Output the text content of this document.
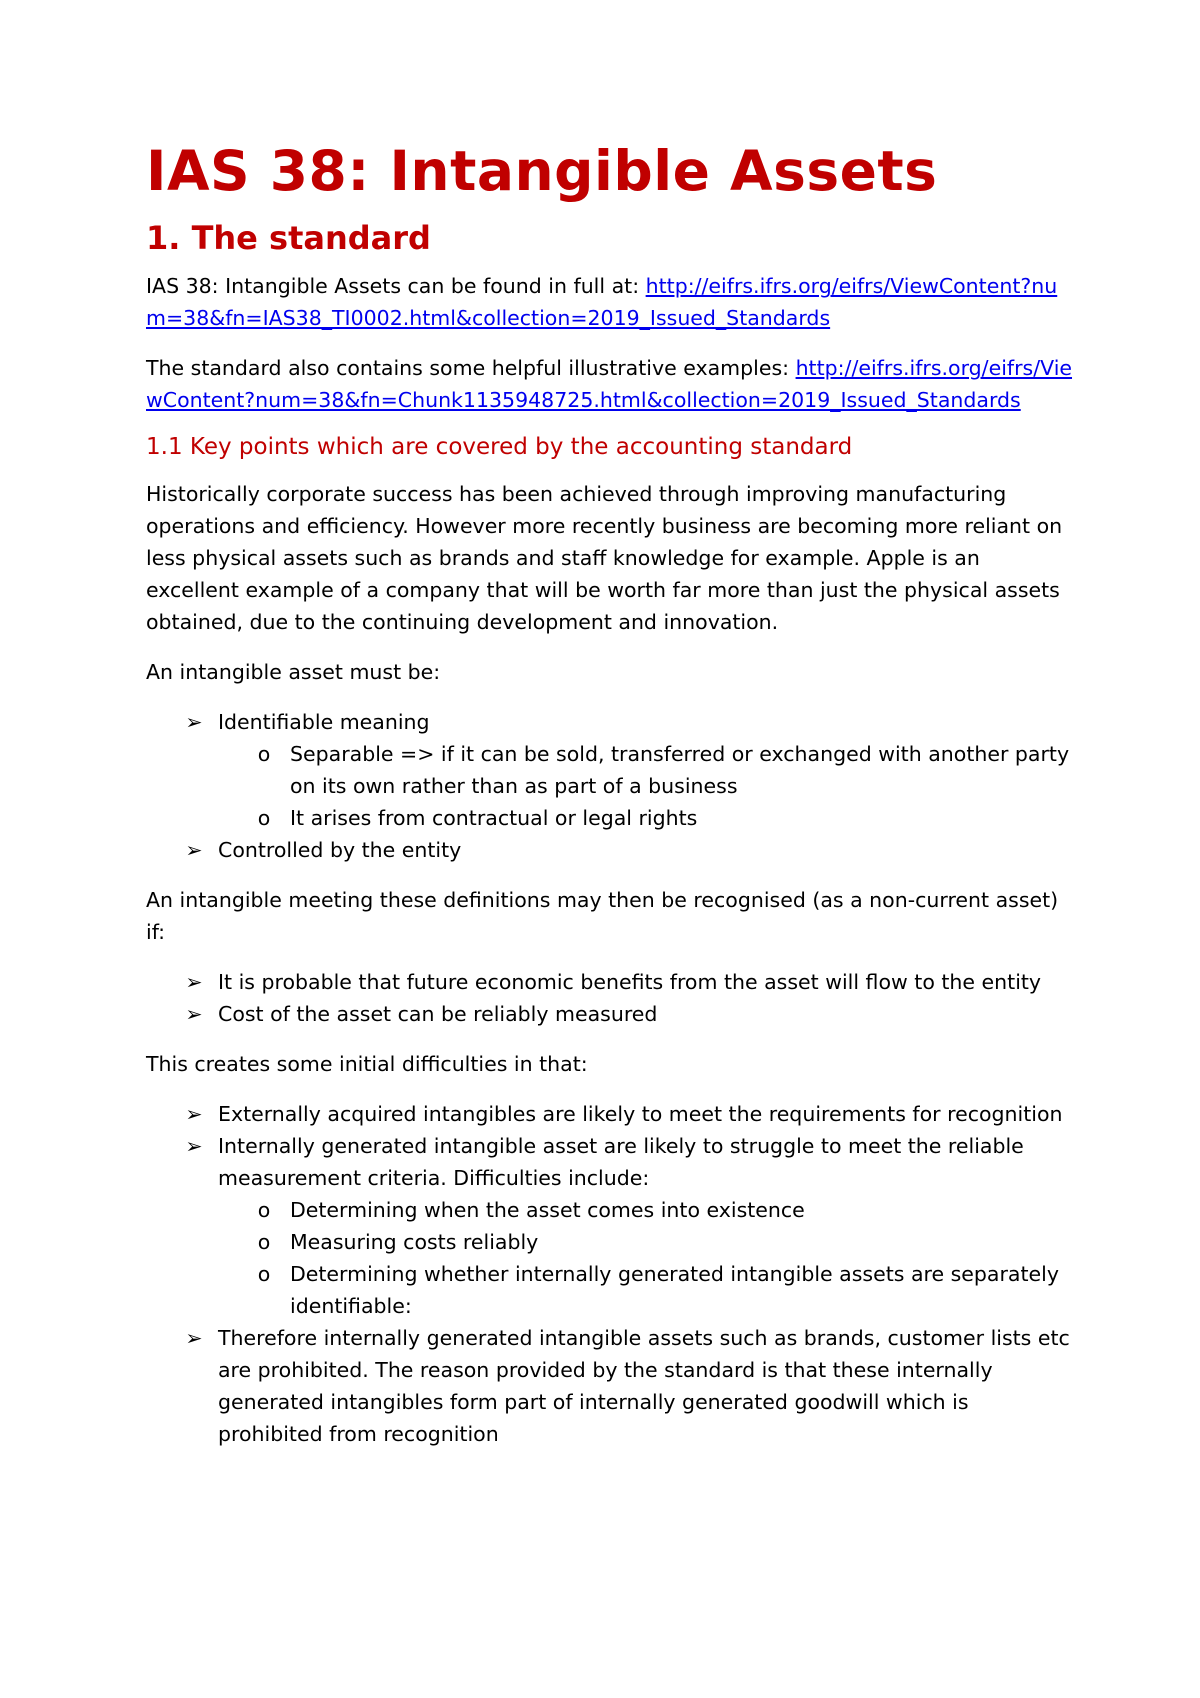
IAS 38: Intangible Assets
1. The standard

IAS 38: Intangible Assets can be found in full at: http://eifrs.ifrs.org/eifrs/ViewContent?num=38&fn=IAS38_TI0002.html&collection=2019_Issued_Standards

The standard also contains some helpful illustrative examples: http://eifrs.ifrs.org/eifrs/ViewContent?num=38&fn=Chunk1135948725.html&collection=2019_Issued_Standards

1.1 Key points which are covered by the accounting standard

Historically corporate success has been achieved through improving manufacturing operations and efficiency. However more recently business are becoming more reliant on less physical assets such as brands and staff knowledge for example. Apple is an excellent example of a company that will be worth far more than just the physical assets obtained, due to the continuing development and innovation.

An intangible asset must be:

➢ Identifiable meaning
o Separable => if it can be sold, transferred or exchanged with another party on its own rather than as part of a business
o It arises from contractual or legal rights
➢ Controlled by the entity

An intangible meeting these definitions may then be recognised (as a non-current asset) if:

➢ It is probable that future economic benefits from the asset will flow to the entity
➢ Cost of the asset can be reliably measured

This creates some initial difficulties in that:

➢ Externally acquired intangibles are likely to meet the requirements for recognition
➢ Internally generated intangible asset are likely to struggle to meet the reliable measurement criteria. Difficulties include:
o Determining when the asset comes into existence
o Measuring costs reliably
o Determining whether internally generated intangible assets are separately identifiable:
➢ Therefore internally generated intangible assets such as brands, customer lists etc are prohibited. The reason provided by the standard is that these internally generated intangibles form part of internally generated goodwill which is prohibited from recognition
